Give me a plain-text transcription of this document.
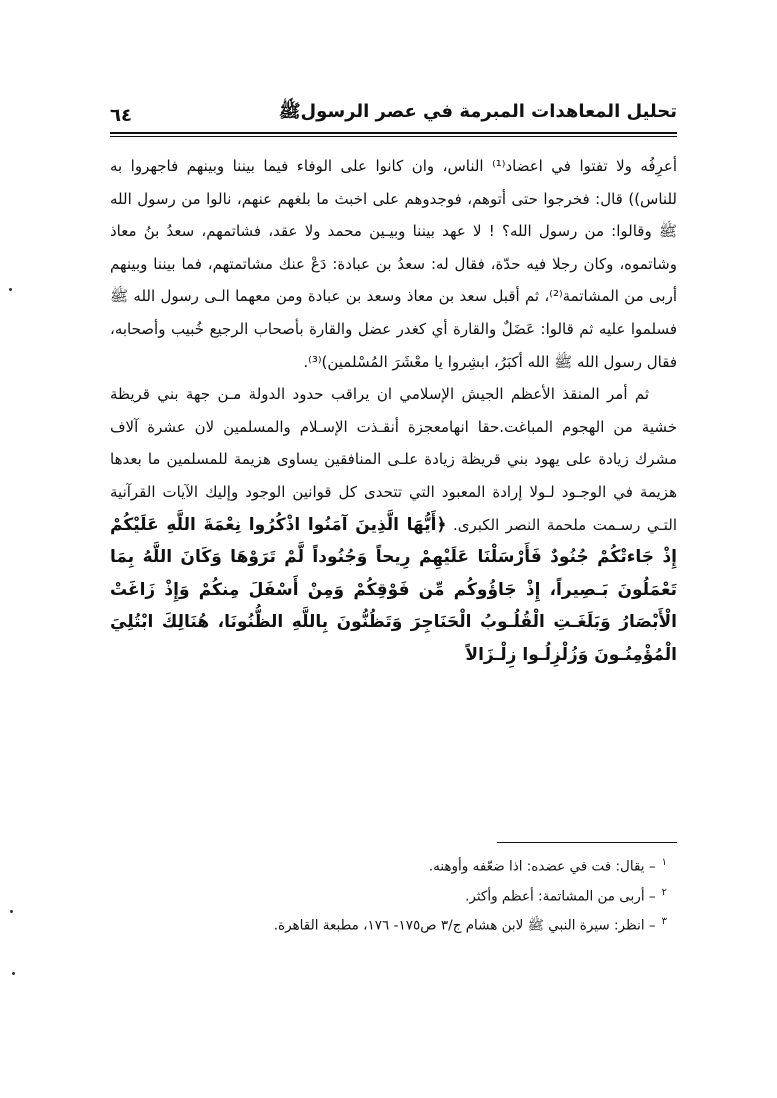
تحليل المعاهدات المبرمة في عصر الرسولﷺ
٦٤

أعرِفُه ولا تفتوا في اعضاد⁽¹⁾ الناس، وان كانوا على الوفاء فيما بيننا وبينهم فاجهروا به للناس)) قال: فخرجوا حتى أتوهم، فوجدوهم على اخبث ما بلغهم عنهم، نالوا من رسول الله ﷺ وقالوا: من رسول الله؟ ! لا عهد بيننا وبيـين محمد ولا عقد، فشاتمهم، سعدُ بنُ معاذ وشاتموه، وكان رجلا فيه حدّة، فقال له: سعدُ بن عبادة: دَعْ عنك مشاتمتهم، فما بيننا وبينهم أربى من المشاتمة⁽²⁾، ثم أقبل سعد بن معاذ وسعد بن عبادة ومن معهما الـى رسول الله ﷺ فسلموا عليه ثم قالوا: عَضَلٌ والقارة أي كغدر عضل والقارة بأصحاب الرجيع خُبيب وأصحابه، فقال رسول الله ﷺ الله أكبَرُ، ابشِروا يا معْشَرَ المُسْلمين)⁽³⁾.

ثم أمر المنقذ الأعظم الجيش الإسلامي ان يراقب حدود الدولة مـن جهة بني قريظة خشية من الهجوم المباغت.حقا انهامعجزة أنقـذت الإسـلام والمسلمين لان عشرة آلاف مشرك زيادة على يهود بني قريظة زيادة علـى المنافقين يساوى هزيمة للمسلمين ما بعدها هزيمة في الوجـود لـولا إرادة المعبود التي تتحدى كل قوانين الوجود وإليك الآيات القرآنية التـي رسـمت ملحمة النصر الكبرى. ﴿أَيُّهَا الَّذِينَ آمَنُوا اذْكُرُوا نِعْمَةَ اللَّهِ عَلَيْكُمْ إِذْ جَاءتْكُمْ جُنُودٌ فَأَرْسَلْنَا عَلَيْهِمْ رِيحاً وَجُنُوداً لَّمْ تَرَوْهَا وَكَانَ اللَّهُ بِمَا تَعْمَلُونَ بَـصِيراً، إِذْ جَاؤُوكُم مِّن فَوْقِكُمْ وَمِنْ أَسْفَلَ مِنكُمْ وَإِذْ زَاغَتْ الْأَبْصَارُ وَبَلَغَـتِ الْقُلُـوبُ الْحَنَاجِرَ وَتَظُنُّونَ بِاللَّهِ الظُّنُونَا، هُنَالِكَ ابْتُلِيَ الْمُؤْمِنُـونَ وَزُلْزِلُـوا زِلْـزَالاً

$^١$– يقال: فت في عضده: اذا ضعّفه وأوهنه.
$^٢$– أربى من المشاتمة: أعظم وأكثر.
$^٣$– انظر: سيرة النبي ﷺ لابن هشام ج/٣ ص١٧٥- ١٧٦، مطبعة القاهرة.
